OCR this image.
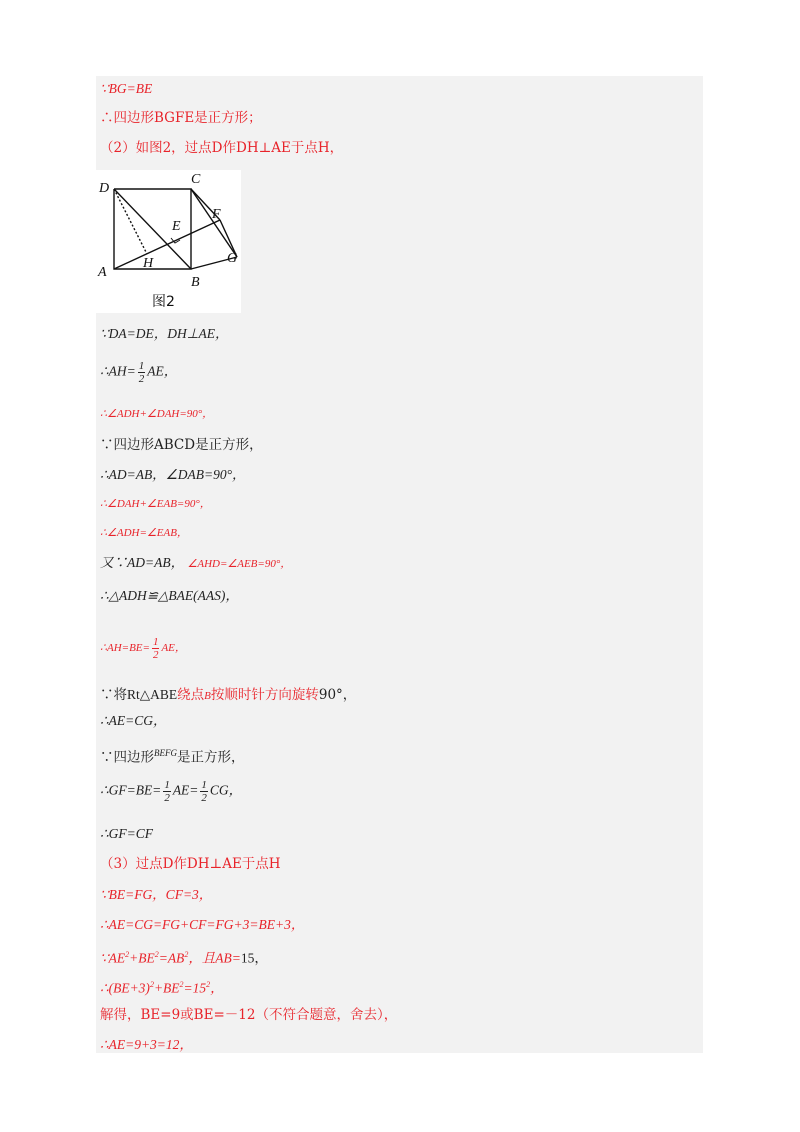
∵BG=BE
∴四边形BGFE是正方形；
（2）如图2，过点D作DH⊥AE于点H，
D
C
E
F
G
H
A
B
图2
∵DA=DE，DH⊥AE，
∴AH= $\frac{1}{2}$ AE，
∴∠ADH+∠DAH=90°，
∵四边形ABCD是正方形，
∴AD=AB，∠DAB=90°，
∴∠DAH+∠EAB=90°，
∴∠ADH=∠EAB，
又∵AD=AB， ∠AHD=∠AEB=90°，
∴△ADH≌△BAE(AAS)，
∴AH=BE= $\frac{1}{2}$ AE，
∵将Rt△ABE绕点B按顺时针方向旋转90°，
∴AE=CG，
∵四边形$^{BEFG}$是正方形，
∴GF=BE= $\frac{1}{2} AE= \frac{1}{2}$ CG，
∴GF=CF
（3）过点D作DH⊥AE于点H
∵BE=FG，CF=3，
∴AE=CG=FG+CF=FG+3=BE+3，
$\because AE^2+BE^2=AB^2$，且AB=15，
$\therefore(BE+3)^2+BE^2=15^2$，
解得，BE=9或BE=－12（不符合题意，舍去），
∴AE=9+3=12，
